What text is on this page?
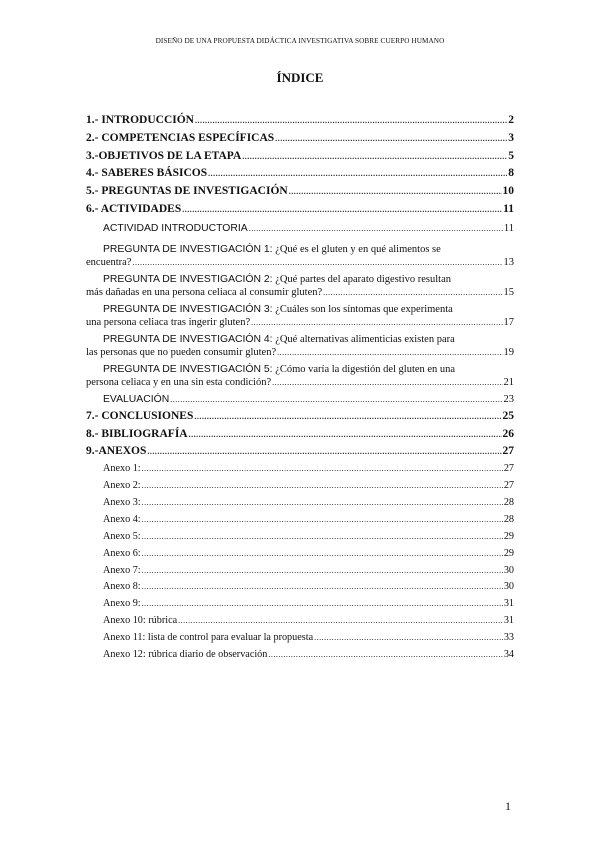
DISEÑO DE UNA PROPUESTA DIDÁCTICA INVESTIGATIVA SOBRE CUERPO HUMANO
ÍNDICE
1.- INTRODUCCIÓN .....	2
2.- COMPETENCIAS ESPECÍFICAS .....	3
3.-OBJETIVOS DE LA ETAPA .....	5
4.- SABERES BÁSICOS .....	8
5.- PREGUNTAS DE INVESTIGACIÓN .....	10
6.- ACTIVIDADES .....	11
ACTIVIDAD INTRODUCTORIA .....	11
PREGUNTA DE INVESTIGACIÓN 1: ¿Qué es el gluten y en qué alimentos se
encuentra? .....	13
PREGUNTA DE INVESTIGACIÓN 2: ¿Qué partes del aparato digestivo resultan
más dañadas en una persona celiaca al consumir gluten? .....	15
PREGUNTA DE INVESTIGACIÓN 3: ¿Cuáles son los síntomas que experimenta
una persona celiaca tras ingerir gluten? .....	17
PREGUNTA DE INVESTIGACIÓN 4: ¿Qué alternativas alimenticias existen para
las personas que no pueden consumir gluten? .....	19
PREGUNTA DE INVESTIGACIÓN 5: ¿Cómo varía la digestión del gluten en una
persona celiaca y en una sin esta condición? .....	21
EVALUACIÓN .....	23
7.- CONCLUSIONES .....	25
8.- BIBLIOGRAFÍA .....	26
9.-ANEXOS .....	27
Anexo 1: .....	27
Anexo 2: .....	27
Anexo 3: .....	28
Anexo 4: .....	28
Anexo 5: .....	29
Anexo 6: .....	29
Anexo 7: .....	30
Anexo 8: .....	30
Anexo 9: .....	31
Anexo 10: rúbrica .....	31
Anexo 11: lista de control para evaluar la propuesta .....	33
Anexo 12: rúbrica diario de observación .....	34
1
